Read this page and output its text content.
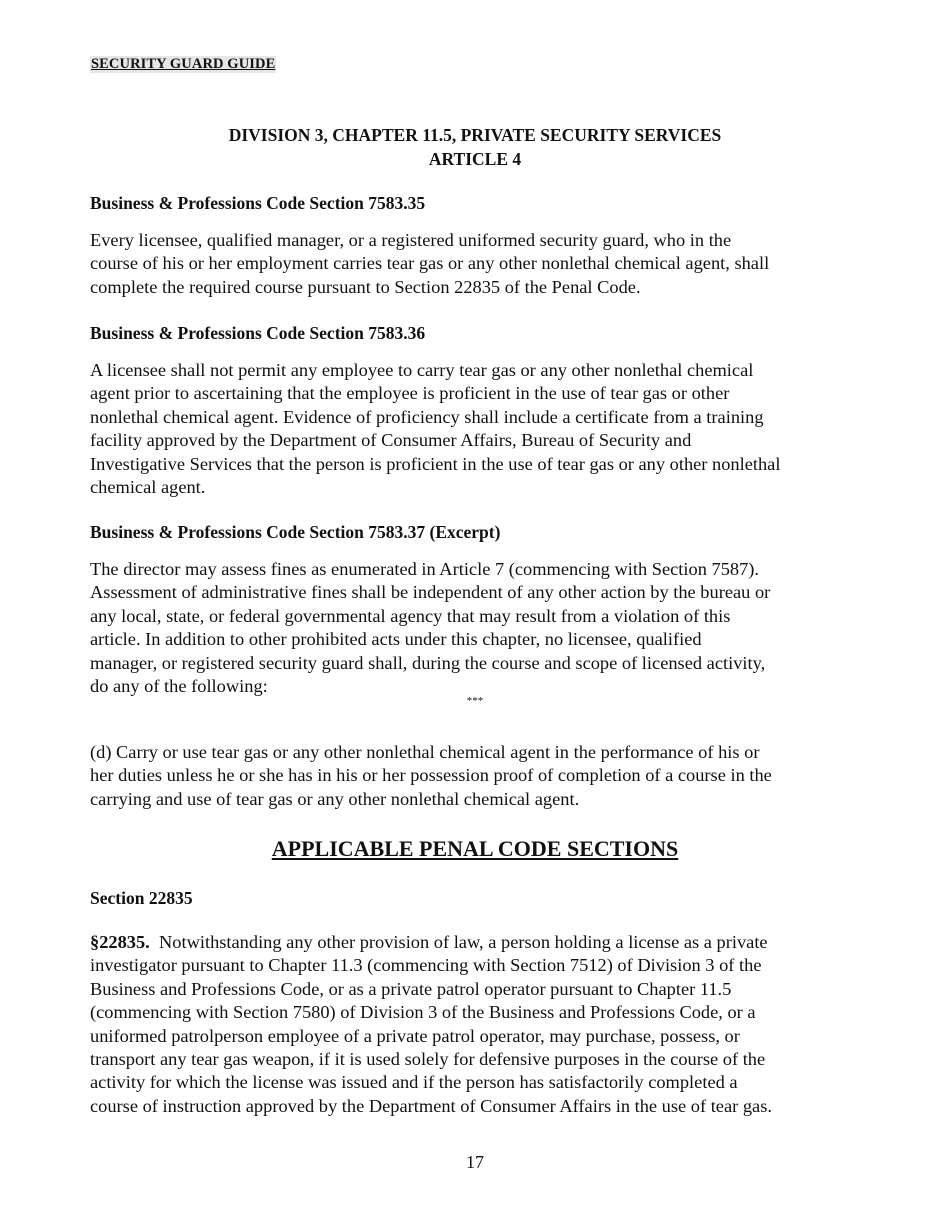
SECURITY GUARD GUIDE
DIVISION 3, CHAPTER 11.5, PRIVATE SECURITY SERVICES
ARTICLE 4
Business & Professions Code Section 7583.35
Every licensee, qualified manager, or a registered uniformed security guard, who in the
course of his or her employment carries tear gas or any other nonlethal chemical agent, shall
complete the required course pursuant to Section 22835 of the Penal Code.
Business & Professions Code Section 7583.36
A licensee shall not permit any employee to carry tear gas or any other nonlethal chemical
agent prior to ascertaining that the employee is proficient in the use of tear gas or other
nonlethal chemical agent. Evidence of proficiency shall include a certificate from a training
facility approved by the Department of Consumer Affairs, Bureau of Security and
Investigative Services that the person is proficient in the use of tear gas or any other nonlethal
chemical agent.
Business & Professions Code Section 7583.37 (Excerpt)
The director may assess fines as enumerated in Article 7 (commencing with Section 7587).
Assessment of administrative fines shall be independent of any other action by the bureau or
any local, state, or federal governmental agency that may result from a violation of this
article. In addition to other prohibited acts under this chapter, no licensee, qualified
manager, or registered security guard shall, during the course and scope of licensed activity,
do any of the following:
***
(d) Carry or use tear gas or any other nonlethal chemical agent in the performance of his or
her duties unless he or she has in his or her possession proof of completion of a course in the
carrying and use of tear gas or any other nonlethal chemical agent.
APPLICABLE PENAL CODE SECTIONS
Section 22835
§22835.  Notwithstanding any other provision of law, a person holding a license as a private
investigator pursuant to Chapter 11.3 (commencing with Section 7512) of Division 3 of the
Business and Professions Code, or as a private patrol operator pursuant to Chapter 11.5
(commencing with Section 7580) of Division 3 of the Business and Professions Code, or a
uniformed patrolperson employee of a private patrol operator, may purchase, possess, or
transport any tear gas weapon, if it is used solely for defensive purposes in the course of the
activity for which the license was issued and if the person has satisfactorily completed a
course of instruction approved by the Department of Consumer Affairs in the use of tear gas.
17
